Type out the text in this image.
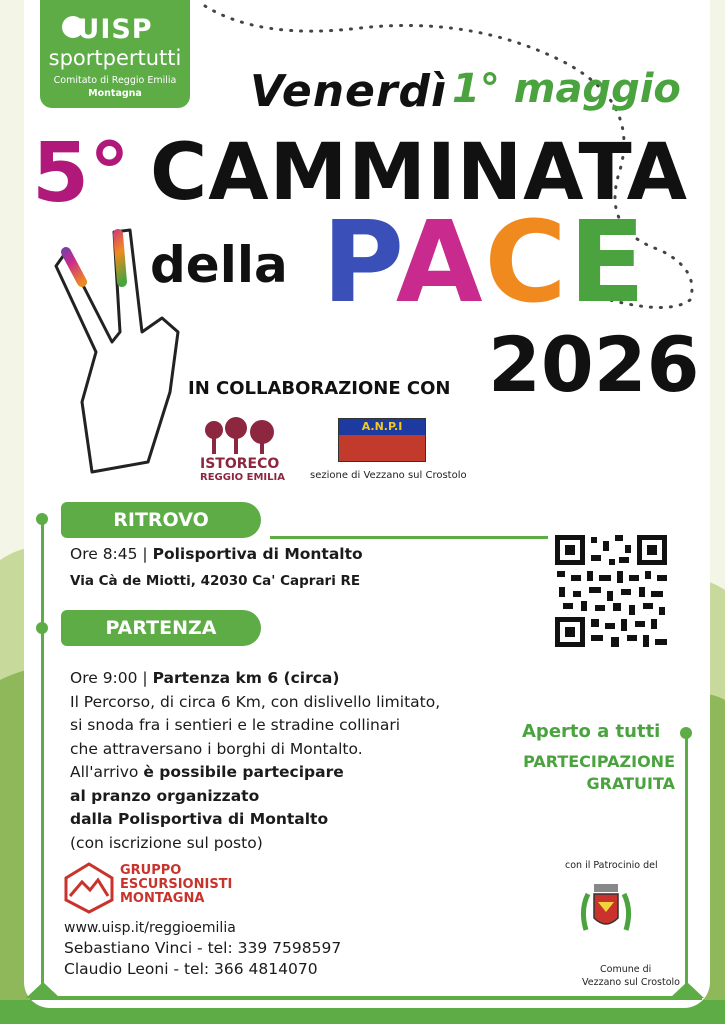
UISP
sportpertutti
Comitato di Reggio Emilia
Montagna	Venerdì 1° maggio
5° CAMMINATA
della PACE
2026
IN COLLABORAZIONE CON
ISTORECO
REGGIO EMILIA
A.N.P.I
sezione di Vezzano sul Crostolo
RITROVO
Ore 8:45 | Polisportiva di Montalto
Via Cà de Miotti, 42030 Ca' Caprari RE
PARTENZA
Ore 9:00 | Partenza km 6 (circa)
Il Percorso, di circa 6 Km, con dislivello limitato,
si snoda fra i sentieri e le stradine collinari
che attraversano i borghi di Montalto.
All'arrivo è possibile partecipare
al pranzo organizzato
dalla Polisportiva di Montalto
(con iscrizione sul posto)
Aperto a tutti
PARTECIPAZIONE
GRATUITA
con il Patrocinio del
Comune di
Vezzano sul Crostolo
GRUPPO
ESCURSIONISTI
MONTAGNA
www.uisp.it/reggioemilia
Sebastiano Vinci - tel: 339 7598597
Claudio Leoni - tel: 366 4814070
